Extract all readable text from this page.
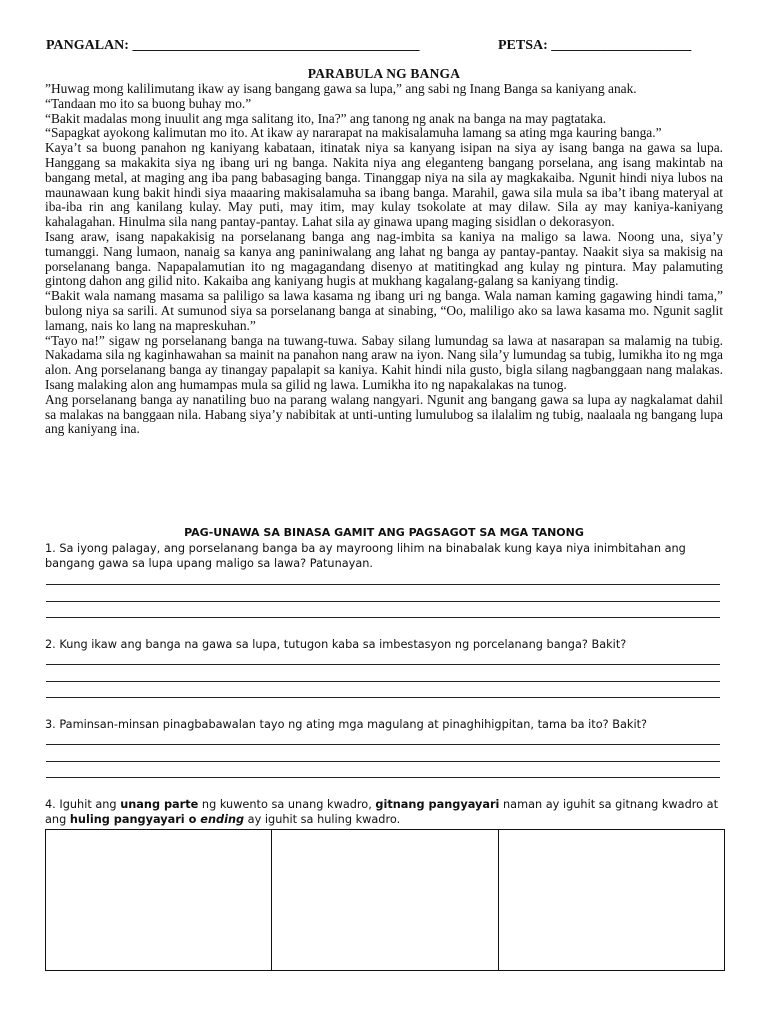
PANGALAN: _________________________________________	PETSA: ____________________
PARABULA NG BANGA

”Huwag mong kalilimutang ikaw ay isang bangang gawa sa lupa,” ang sabi ng Inang Banga sa kaniyang anak.

“Tandaan mo ito sa buong buhay mo.”

“Bakit madalas mong inuulit ang mga salitang ito, Ina?” ang tanong ng anak na banga na may pagtataka.

“Sapagkat ayokong kalimutan mo ito. At ikaw ay nararapat na makisalamuha lamang sa ating mga kauring banga.”

Kaya’t sa buong panahon ng kaniyang kabataan, itinatak niya sa kanyang isipan na siya ay isang banga na gawa sa lupa. Hanggang sa makakita siya ng ibang uri ng banga. Nakita niya ang eleganteng bangang porselana, ang isang makintab na bangang metal, at maging ang iba pang babasaging banga. Tinanggap niya na sila ay magkakaiba. Ngunit hindi niya lubos na maunawaan kung bakit hindi siya maaaring makisalamuha sa ibang banga. Marahil, gawa sila mula sa iba’t ibang materyal at iba-iba rin ang kanilang kulay. May puti, may itim, may kulay tsokolate at may dilaw. Sila ay may kaniya-kaniyang kahalagahan. Hinulma sila nang pantay-pantay. Lahat sila ay ginawa upang maging sisidlan o dekorasyon.

Isang araw, isang napakakisig na porselanang banga ang nag-imbita sa kaniya na maligo sa lawa. Noong una, siya’y tumanggi. Nang lumaon, nanaig sa kanya ang paniniwalang ang lahat ng banga ay pantay-pantay. Naakit siya sa makisig na porselanang banga. Napapalamutian ito ng magagandang disenyo at matitingkad ang kulay ng pintura. May palamuting gintong dahon ang gilid nito. Kakaiba ang kaniyang hugis at mukhang kagalang-galang sa kaniyang tindig.

“Bakit wala namang masama sa paliligo sa lawa kasama ng ibang uri ng banga. Wala naman kaming gagawing hindi tama,” bulong niya sa sarili. At sumunod siya sa porselanang banga at sinabing, “Oo, maliligo ako sa lawa kasama mo. Ngunit saglit lamang, nais ko lang na mapreskuhan.”

“Tayo na!” sigaw ng porselanang banga na tuwang-tuwa. Sabay silang lumundag sa lawa at nasarapan sa malamig na tubig. Nakadama sila ng kaginhawahan sa mainit na panahon nang araw na iyon. Nang sila’y lumundag sa tubig, lumikha ito ng mga alon. Ang porselanang banga ay tinangay papalapit sa kaniya. Kahit hindi nila gusto, bigla silang nagbanggaan nang malakas. Isang malaking alon ang humampas mula sa gilid ng lawa. Lumikha ito ng napakalakas na tunog.

Ang porselanang banga ay nanatiling buo na parang walang nangyari. Ngunit ang bangang gawa sa lupa ay nagkalamat dahil sa malakas na banggaan nila. Habang siya’y nabibitak at unti-unting lumulubog sa ilalalim ng tubig, naalaala ng bangang lupa ang kaniyang ina.

PAG-UNAWA SA BINASA GAMIT ANG PAGSAGOT SA MGA TANONG
1. Sa iyong palagay, ang porselanang banga ba ay mayroong lihim na binabalak kung kaya niya inimbitahan ang bangang gawa sa lupa upang maligo sa lawa? Patunayan.
2. Kung ikaw ang banga na gawa sa lupa, tutugon kaba sa imbestasyon ng porcelanang banga? Bakit?
3. Paminsan-minsan pinagbabawalan tayo ng ating mga magulang at pinaghihigpitan, tama ba ito? Bakit?
4. Iguhit ang unang parte ng kuwento sa unang kwadro, gitnang pangyayari naman ay iguhit sa gitnang kwadro at ang huling pangyayari o ending ay iguhit sa huling kwadro.
